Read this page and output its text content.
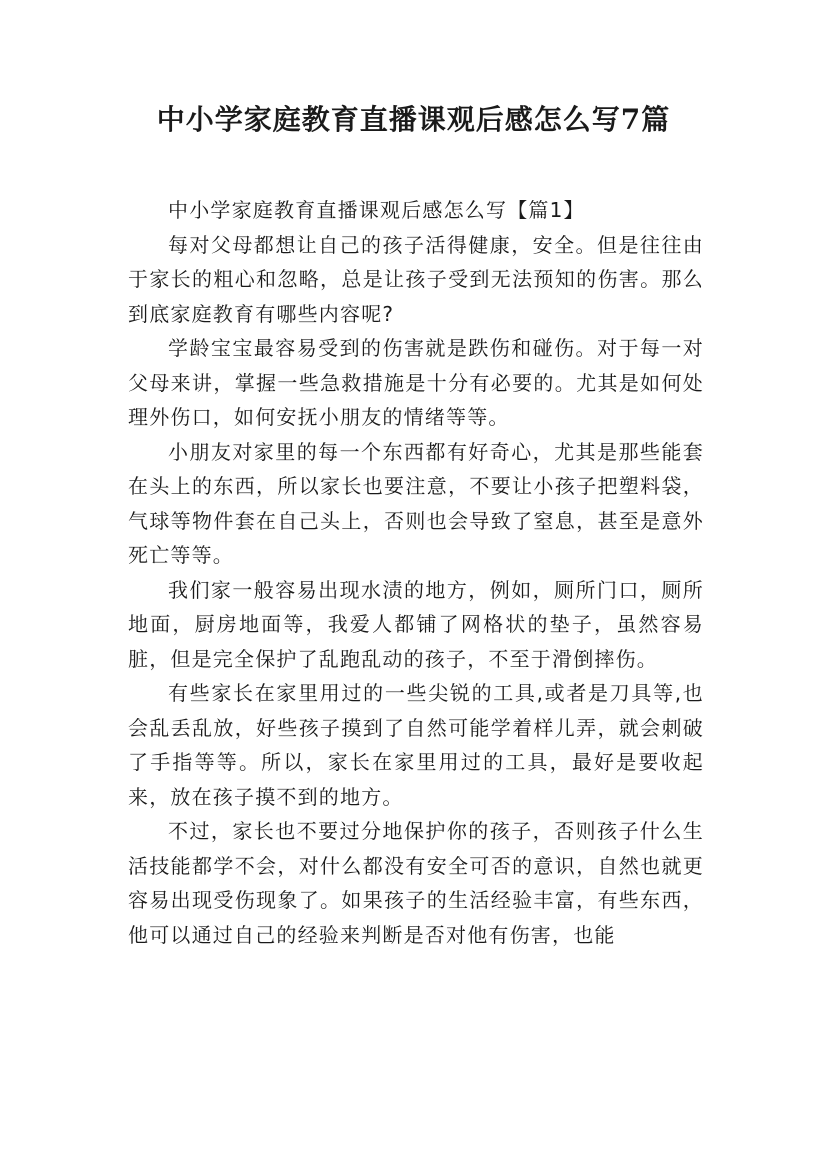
中小学家庭教育直播课观后感怎么写7篇

中小学家庭教育直播课观后感怎么写【篇1】

每对父母都想让自己的孩子活得健康，安全。但是往往由于家长的粗心和忽略，总是让孩子受到无法预知的伤害。那么到底家庭教育有哪些内容呢?

学龄宝宝最容易受到的伤害就是跌伤和碰伤。对于每一对父母来讲，掌握一些急救措施是十分有必要的。尤其是如何处理外伤口，如何安抚小朋友的情绪等等。

小朋友对家里的每一个东西都有好奇心，尤其是那些能套在头上的东西，所以家长也要注意，不要让小孩子把塑料袋，气球等物件套在自己头上，否则也会导致了窒息，甚至是意外死亡等等。

我们家一般容易出现水渍的地方，例如，厕所门口，厕所地面，厨房地面等，我爱人都铺了网格状的垫子，虽然容易脏，但是完全保护了乱跑乱动的孩子，不至于滑倒摔伤。

有些家长在家里用过的一些尖锐的工具,或者是刀具等,也会乱丢乱放，好些孩子摸到了自然可能学着样儿弄，就会刺破了手指等等。所以，家长在家里用过的工具，最好是要收起来，放在孩子摸不到的地方。

不过，家长也不要过分地保护你的孩子，否则孩子什么生活技能都学不会，对什么都没有安全可否的意识，自然也就更容易出现受伤现象了。如果孩子的生活经验丰富，有些东西，他可以通过自己的经验来判断是否对他有伤害，也能
